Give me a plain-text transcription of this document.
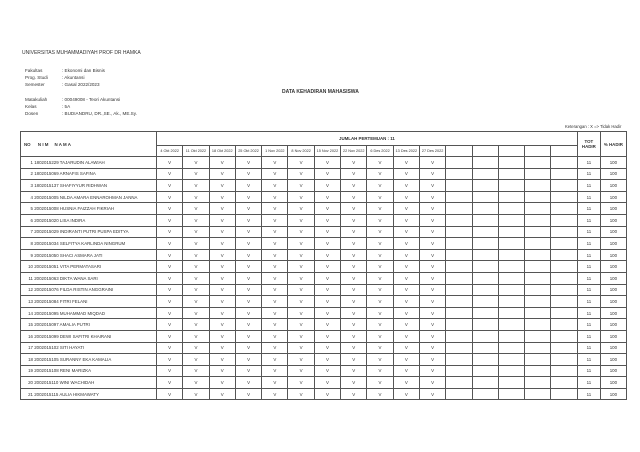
UNIVERSITAS MUHAMMADIYAH PROF DR HAMKA
Fakultas	: Ekonomi dan Bisnis
Prog. Studi	: Akuntansi
Semester	: Gasal 2022/2023
Matakuliah	: 00049008 - Teori Akuntansi
Kelas	: 5A
Dosen	: BUDIANDRU, DR.,SE., Ak., ME.Sy.
DATA KEHADIRAN MAHASISWA
Keterangan : X => Tidak Hadir
NO N I M N A M A	JUMLAH PERTEMUAN : 11																TOT HADIR	% HADIR
	4 Okt 2022	11 Okt 2022	18 Okt 2022	25 Okt 2022	1 Nov 2022	8 Nov 2022	15 Nov 2022	22 Nov 2022	6 Des 2022	13 Des 2022	27 Des 2022							
1 1802015229 TAJARUDIN ALAWIAH	V	V	V	V	V	V	V	V	V	V	V						11	100
2 1802015069 ARNAFIS SAFINA	V	V	V	V	V	V	V	V	V	V	V						11	100
3 1802015137 SHAFIYYUR RIDHWAN	V	V	V	V	V	V	V	V	V	V	V						11	100
4 2002015005 NILDA AMARA ENNAROHMAN JANNA	V	V	V	V	V	V	V	V	V	V	V						11	100
5 2002015008 HUSNIA FAIZZAH FIKRIAH	V	V	V	V	V	V	V	V	V	V	V						11	100
6 2002015020 LISA INDIRA	V	V	V	V	V	V	V	V	V	V	V						11	100
7 2002015029 INDIRANTI PUTRI PUSPA EDITYA	V	V	V	V	V	V	V	V	V	V	V						11	100
8 2002015034 SELFITYA KARLINDA NINGRUM	V	V	V	V	V	V	V	V	V	V	V						11	100
9 2002015050 SHACI ASMARA JATI	V	V	V	V	V	V	V	V	V	V	V						11	100
10 2002015051 VITA PERMATASARI	V	V	V	V	V	V	V	V	V	V	V						11	100
11 2002015063 DIKTA WANA SARI	V	V	V	V	V	V	V	V	V	V	V						11	100
12 2002015076 FILDA RISTIN ANGGRAINI	V	V	V	V	V	V	V	V	V	V	V						11	100
13 2002015084 FITRI FELANI	V	V	V	V	V	V	V	V	V	V	V						11	100
14 2002015095 MUHAMMAD MIQDAD	V	V	V	V	V	V	V	V	V	V	V						11	100
15 2002015097 AMALIA PUTRI	V	V	V	V	V	V	V	V	V	V	V						11	100
16 2002015099 DEWI SAFITRI KHAIRANI	V	V	V	V	V	V	V	V	V	V	V						11	100
17 2002015102 SITI HAYATI	V	V	V	V	V	V	V	V	V	V	V						11	100
18 2002015105 SURANNY EKA KAMALIA	V	V	V	V	V	V	V	V	V	V	V						11	100
19 2002015108 RENI MARIZKA	V	V	V	V	V	V	V	V	V	V	V						11	100
20 2002015110 WINI WACHIDAH	V	V	V	V	V	V	V	V	V	V	V						11	100
21 2002015115 AULIA HIKMAWATY	V	V	V	V	V	V	V	V	V	V	V						11	100
